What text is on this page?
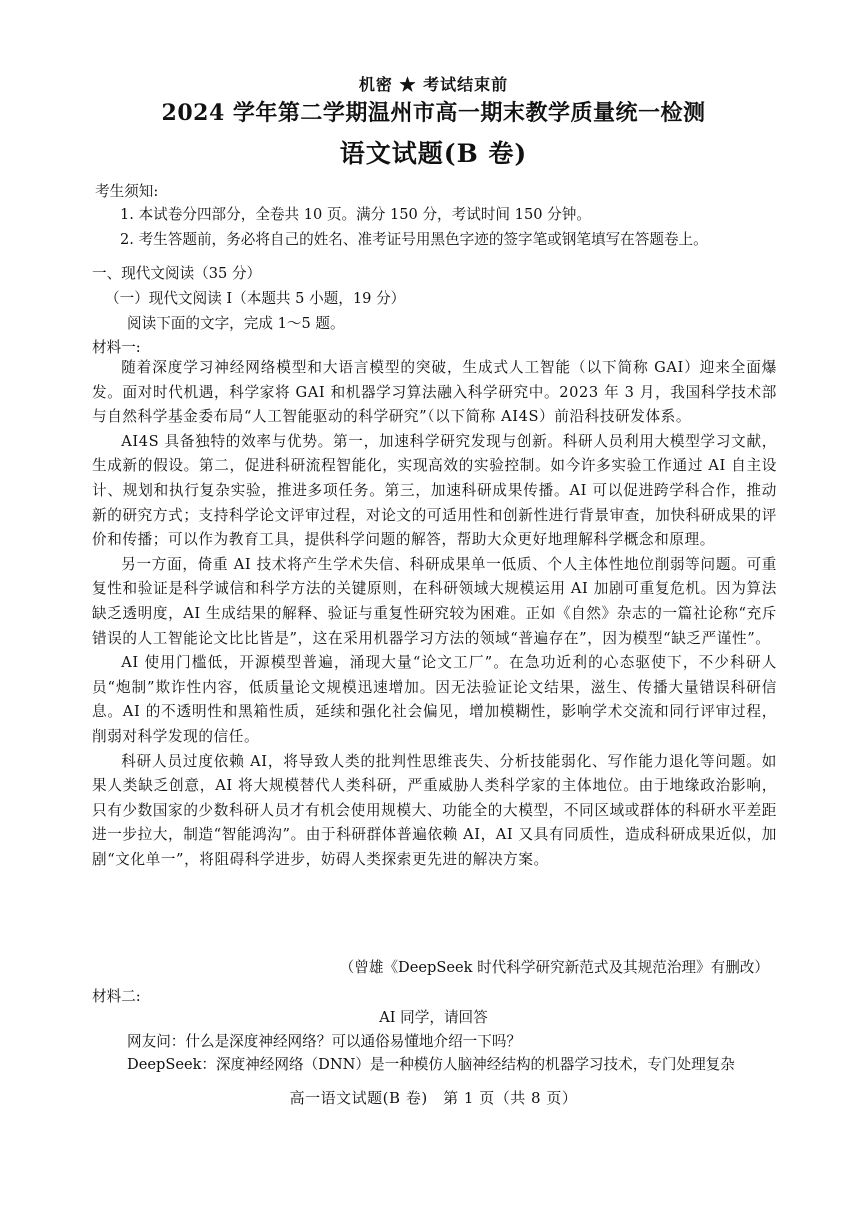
机密 ★ 考试结束前
2024 学年第二学期温州市高一期末教学质量统一检测
语文试题(B 卷)
考生须知:
1. 本试卷分四部分，全卷共 10 页。满分 150 分，考试时间 150 分钟。
2. 考生答题前，务必将自己的姓名、准考证号用黑色字迹的签字笔或钢笔填写在答题卷上。
一、现代文阅读（35 分）
（一）现代文阅读 I（本题共 5 小题，19 分）
阅读下面的文字，完成 1～5 题。
材料一:

随着深度学习神经网络模型和大语言模型的突破，生成式人工智能（以下简称 GAI）迎来全面爆发。面对时代机遇，科学家将 GAI 和机器学习算法融入科学研究中。2023 年 3 月，我国科学技术部与自然科学基金委布局“人工智能驱动的科学研究”（以下简称 AI4S）前沿科技研发体系。

AI4S 具备独特的效率与优势。第一，加速科学研究发现与创新。科研人员利用大模型学习文献，生成新的假设。第二，促进科研流程智能化，实现高效的实验控制。如今许多实验工作通过 AI 自主设计、规划和执行复杂实验，推进多项任务。第三，加速科研成果传播。AI 可以促进跨学科合作，推动新的研究方式；支持科学论文评审过程，对论文的可适用性和创新性进行背景审查，加快科研成果的评价和传播；可以作为教育工具，提供科学问题的解答，帮助大众更好地理解科学概念和原理。

另一方面，倚重 AI 技术将产生学术失信、科研成果单一低质、个人主体性地位削弱等问题。可重复性和验证是科学诚信和科学方法的关键原则，在科研领域大规模运用 AI 加剧可重复危机。因为算法缺乏透明度，AI 生成结果的解释、验证与重复性研究较为困难。正如《自然》杂志的一篇社论称“充斥错误的人工智能论文比比皆是”，这在采用机器学习方法的领域“普遍存在”，因为模型“缺乏严谨性”。

AI 使用门槛低，开源模型普遍，涌现大量“论文工厂”。在急功近利的心态驱使下，不少科研人员“炮制”欺诈性内容，低质量论文规模迅速增加。因无法验证论文结果，滋生、传播大量错误科研信息。AI 的不透明性和黑箱性质，延续和强化社会偏见，增加模糊性，影响学术交流和同行评审过程，削弱对科学发现的信任。

科研人员过度依赖 AI，将导致人类的批判性思维丧失、分析技能弱化、写作能力退化等问题。如果人类缺乏创意，AI 将大规模替代人类科研，严重威胁人类科学家的主体地位。由于地缘政治影响，只有少数国家的少数科研人员才有机会使用规模大、功能全的大模型，不同区域或群体的科研水平差距进一步拉大，制造“智能鸿沟”。由于科研群体普遍依赖 AI，AI 又具有同质性，造成科研成果近似，加剧“文化单一”，将阻碍科学进步，妨碍人类探索更先进的解决方案。

（曾雄《DeepSeek 时代科学研究新范式及其规范治理》有删改）
材料二:
AI 同学，请回答
网友问：什么是深度神经网络？可以通俗易懂地介绍一下吗？
DeepSeek：深度神经网络（DNN）是一种模仿人脑神经结构的机器学习技术，专门处理复杂
高一语文试题(B 卷)　第 1 页（共 8 页）
